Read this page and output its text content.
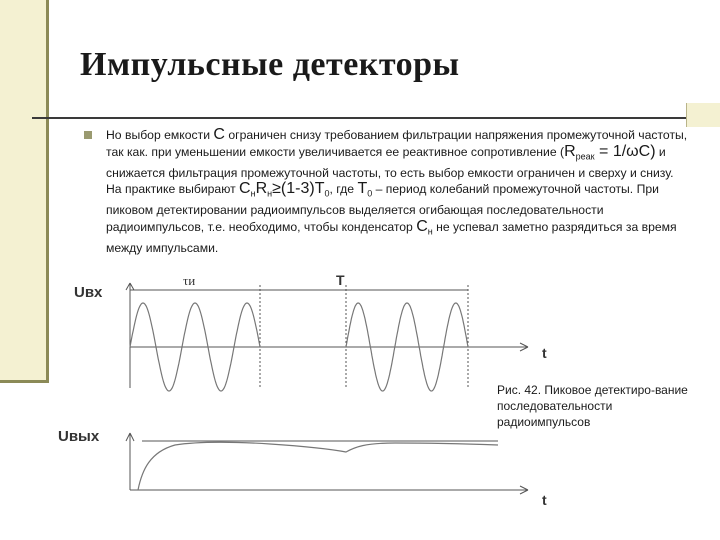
Импульсные детекторы

Но выбор емкости C ограничен снизу требованием фильтрации напряжения промежуточной частоты, так как. при уменьшении емкости увеличивается ее реактивное сопротивление $(R_{реак} = 1/\omega C)$ и снижается фильтрация промежуточной частоты, то есть выбор емкости ограничен и сверху и снизу. На практике выбирают $C_нR_н\ge(1-3)T_0$, где $T_0$ – период колебаний промежуточной частоты. При пиковом детектировании радиоимпульсов выделяется огибающая последовательности радиоимпульсов, т.е. необходимо, чтобы конденсатор $C_н$ не успевал заметно разрядиться за время между импульсами.

Uвх
τи	T
t
Uвых
t

Рис. 42. Пиковое детектиро-вание последовательности радиоимпульсов
